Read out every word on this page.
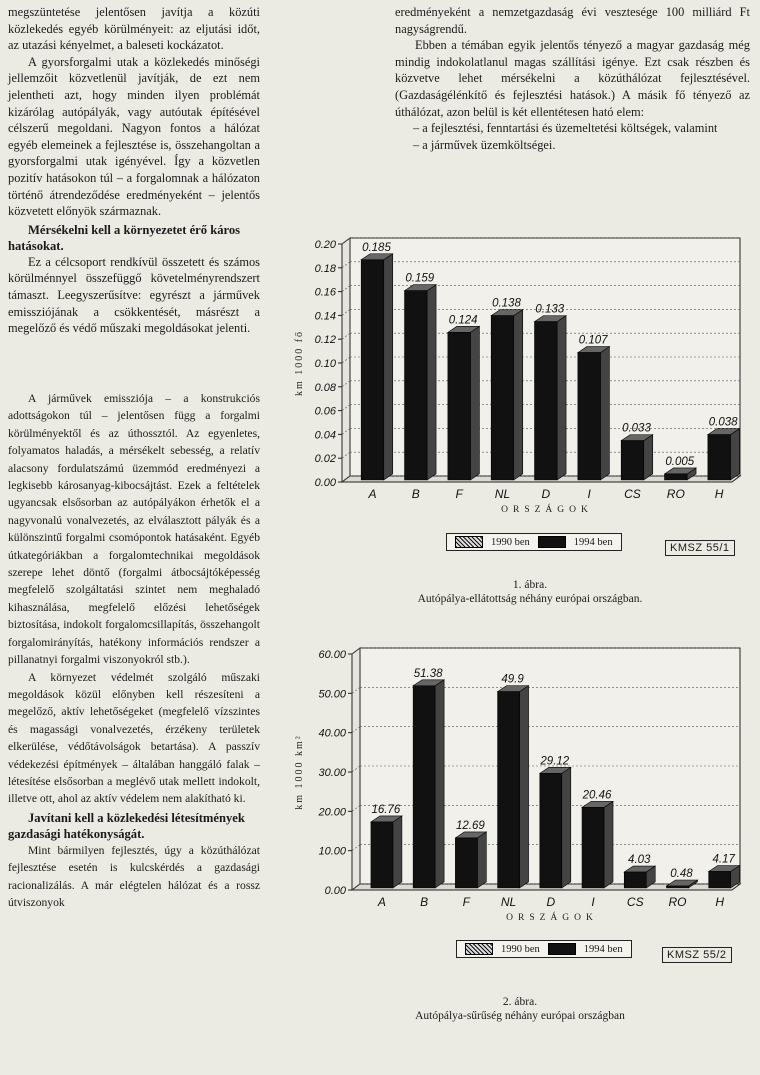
megszüntetése jelentősen javítja a közúti közlekedés egyéb körülményeit: az eljutási időt, az utazási kényelmet, a baleseti kockázatot.

A gyorsforgalmi utak a közlekedés minőségi jellemzőit közvetlenül javítják, de ezt nem jelentheti azt, hogy minden ilyen problémát kizárólag autópályák, vagy autóutak építésével célszerű megoldani. Nagyon fontos a hálózat egyéb elemeinek a fejlesztése is, összehangoltan a gyorsforgalmi utak igényével. Így a közvetlen pozitív hatásokon túl – a forgalomnak a hálózaton történő átrendeződése eredményeként – jelentős közvetett előnyök származnak.

Mérsékelni kell a környezetet érő káros hatásokat.

Ez a célcsoport rendkívül összetett és számos körülménnyel összefüggő követelményrendszert támaszt. Leegyszerűsítve: egyrészt a járművek emissziójának a csökkentését, másrészt a megelőző és védő műszaki megoldásokat jelenti.

A járművek emissziója – a konstrukciós adottságokon túl – jelentősen függ a forgalmi körülményektől és az úthossztól. Az egyenletes, folyamatos haladás, a mérsékelt sebesség, a relatív alacsony fordulatszámú üzemmód eredményezi a legkisebb károsanyag-kibocsájtást. Ezek a feltételek ugyancsak elsősorban az autópályákon érhetők el a nagyvonalú vonalvezetés, az elválasztott pályák és a különszintű forgalmi csomópontok hatásaként. Egyéb útkategóriákban a forgalomtechnikai megoldások szerepe lehet döntő (forgalmi átbocsájtóképesség megfelelő szolgáltatási szintet nem meghaladó kihasználása, megfelelő előzési lehetőségek biztosítása, indokolt forgalomcsillapítás, összehangolt forgalomirányítás, hatékony információs rendszer a pillanatnyi forgalmi viszonyokról stb.).

A környezet védelmét szolgáló műszaki megoldások közül előnyben kell részesíteni a megelőző, aktív lehetőségeket (megfelelő vízszintes és magassági vonalvezetés, érzékeny területek elkerülése, védőtávolságok betartása). A passzív védekezési építmények – általában hanggáló falak – létesítése elsősorban a meglévő utak mellett indokolt, illetve ott, ahol az aktív védelem nem alakítható ki.

Javítani kell a közlekedési létesítmények gazdasági hatékonyságát.

Mint bármilyen fejlesztés, úgy a közúthálózat fejlesztése esetén is kulcskérdés a gazdasági racionalizálás. A már elégtelen hálózat és a rossz útviszonyok

eredményeként a nemzetgazdaság évi vesztesége 100 milliárd Ft nagyságrendű.

Ebben a témában egyik jelentős tényező a magyar gazdaság még mindig indokolatlanul magas szállítási igénye. Ezt csak részben és közvetve lehet mérsékelni a közúthálózat fejlesztésével. (Gazdaságélénkítő és fejlesztési hatások.) A másik fő tényező az úthálózat, azon belül is két ellentétesen ható elem:

– a fejlesztési, fenntartási és üzemeltetési költségek, valamint
– a járművek üzemköltségei.
0.00
0.02
0.04
0.06
0.08
0.10
0.12
0.14
0.16
0.18
0.20
km 1000 fő
0.185
A
0.159
B
0.124
F
0.138
NL
0.133
D
0.107
I
0.033
CS
0.005
RO
0.038
H
ORSZÁGOK
1990 ben	1994 ben	KMSZ 55/1
1. ábra.
Autópálya-ellátottság néhány európai országban.
0.00
10.00
20.00
30.00
40.00
50.00
60.00
km 1000 km²
16.76
A
51.38
B
12.69
F
49.9
NL
29.12
D
20.46
I
4.03
CS
0.48
RO
4.17
H
ORSZÁGOK
1990 ben	1994 ben	KMSZ 55/2
2. ábra.
Autópálya-sűrűség néhány európai országban
